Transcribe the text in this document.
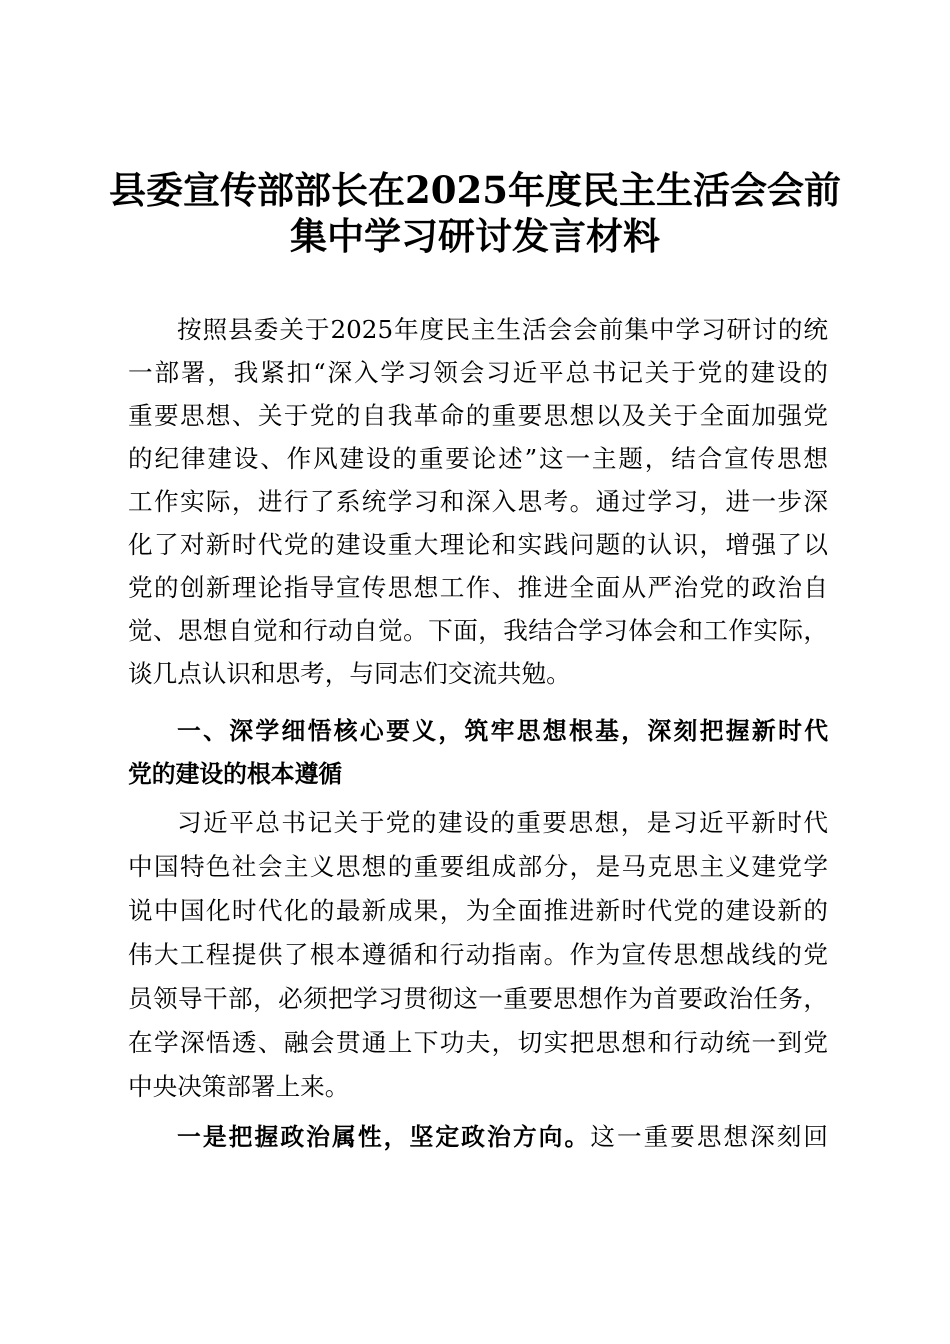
县委宣传部部长在2025年度民主生活会会前
集中学习研讨发言材料
按照县委关于2025年度民主生活会会前集中学习研讨的统
一部署，我紧扣“深入学习领会习近平总书记关于党的建设的
重要思想、关于党的自我革命的重要思想以及关于全面加强党
的纪律建设、作风建设的重要论述”这一主题，结合宣传思想
工作实际，进行了系统学习和深入思考。通过学习，进一步深
化了对新时代党的建设重大理论和实践问题的认识，增强了以
党的创新理论指导宣传思想工作、推进全面从严治党的政治自
觉、思想自觉和行动自觉。下面，我结合学习体会和工作实际，
谈几点认识和思考，与同志们交流共勉。
一、深学细悟核心要义，筑牢思想根基，深刻把握新时代
党的建设的根本遵循
习近平总书记关于党的建设的重要思想，是习近平新时代
中国特色社会主义思想的重要组成部分，是马克思主义建党学
说中国化时代化的最新成果，为全面推进新时代党的建设新的
伟大工程提供了根本遵循和行动指南。作为宣传思想战线的党
员领导干部，必须把学习贯彻这一重要思想作为首要政治任务，
在学深悟透、融会贯通上下功夫，切实把思想和行动统一到党
中央决策部署上来。
一是把握政治属性，坚定政治方向。这一重要思想深刻回
